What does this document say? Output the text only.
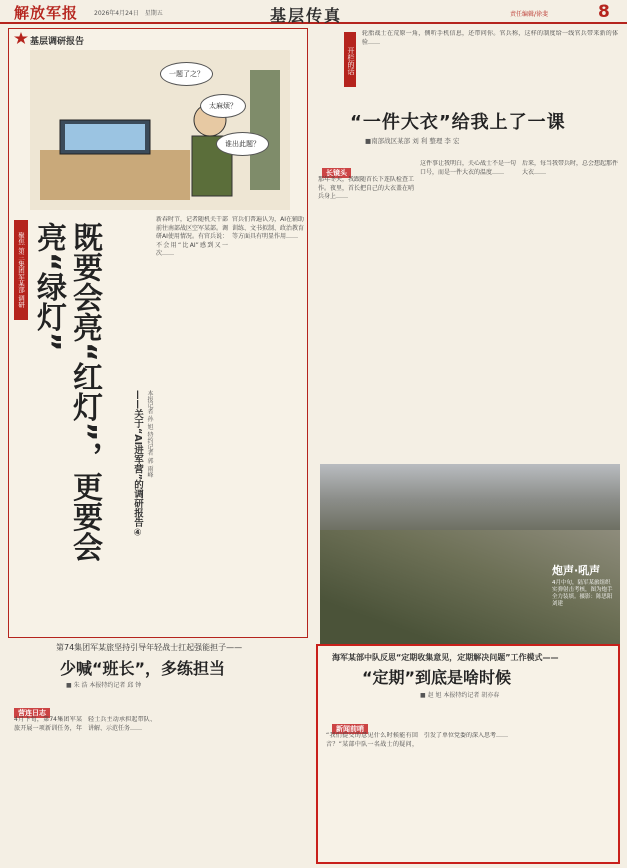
解放军报	2026年4月24日　星期五	基层传真	责任编辑/徐斐	8
基层调研报告
一题了之？
太麻烦？
谁出此题？
聚焦 第三集团军某部 调研	既要会亮“红灯”，更要会亮“绿灯”
——关于“AI进军营”的调研报告④ 本报记者 孙 旭 特约记者 郭 雨峰
新春时节，记者随机关干部前往南部战区空军某部。调研AI使用情况。有官兵说：不会用“比AI”感到又一次……
官兵们普遍认为，AI在辅助训练、文书拟制、政治教育等方面具有明显作用……
开栏的话
轮胎战士在荒原一角，侧听手机信息，还带问你。官兵称，这样的制度给一线官兵带来新的体验……
“一件大衣”给我上了一课
■南部战区某部 刘 利 整理 李 宏
长镜头
那年冬天，我跟随首长下连队检查工作。夜里，首长把自己的大衣盖在哨兵身上……
这件事让我明白，关心战士不是一句口号，而是一件大衣的温度……
后来，每当我带兵时，总会想起那件大衣……
炮声·吼声
4月中旬，陆军某旅组织实弹射击考核，图为炮手全力装填。摄影：陈思阳 刘建
第74集团军某旅坚持引导年轻战士扛起强能担子——
少喊“班长”，多练担当
■ 朱 浩 本报特约记者 邱 钟
营连日志
4月下旬，第74集团军某旅开展一项新训任务，年轻士兵主动承担起带队、讲解、示范任务……
海军某部中队反思“定期收集意见，定期解决问题”工作模式——
“定期”到底是啥时候
■ 赵 旭 本报特约记者 胡亦春
新闻前哨
“我们提交的意见什么时候能有回音？”某部中队一名战士的疑问，引发了单位党委的深入思考……
